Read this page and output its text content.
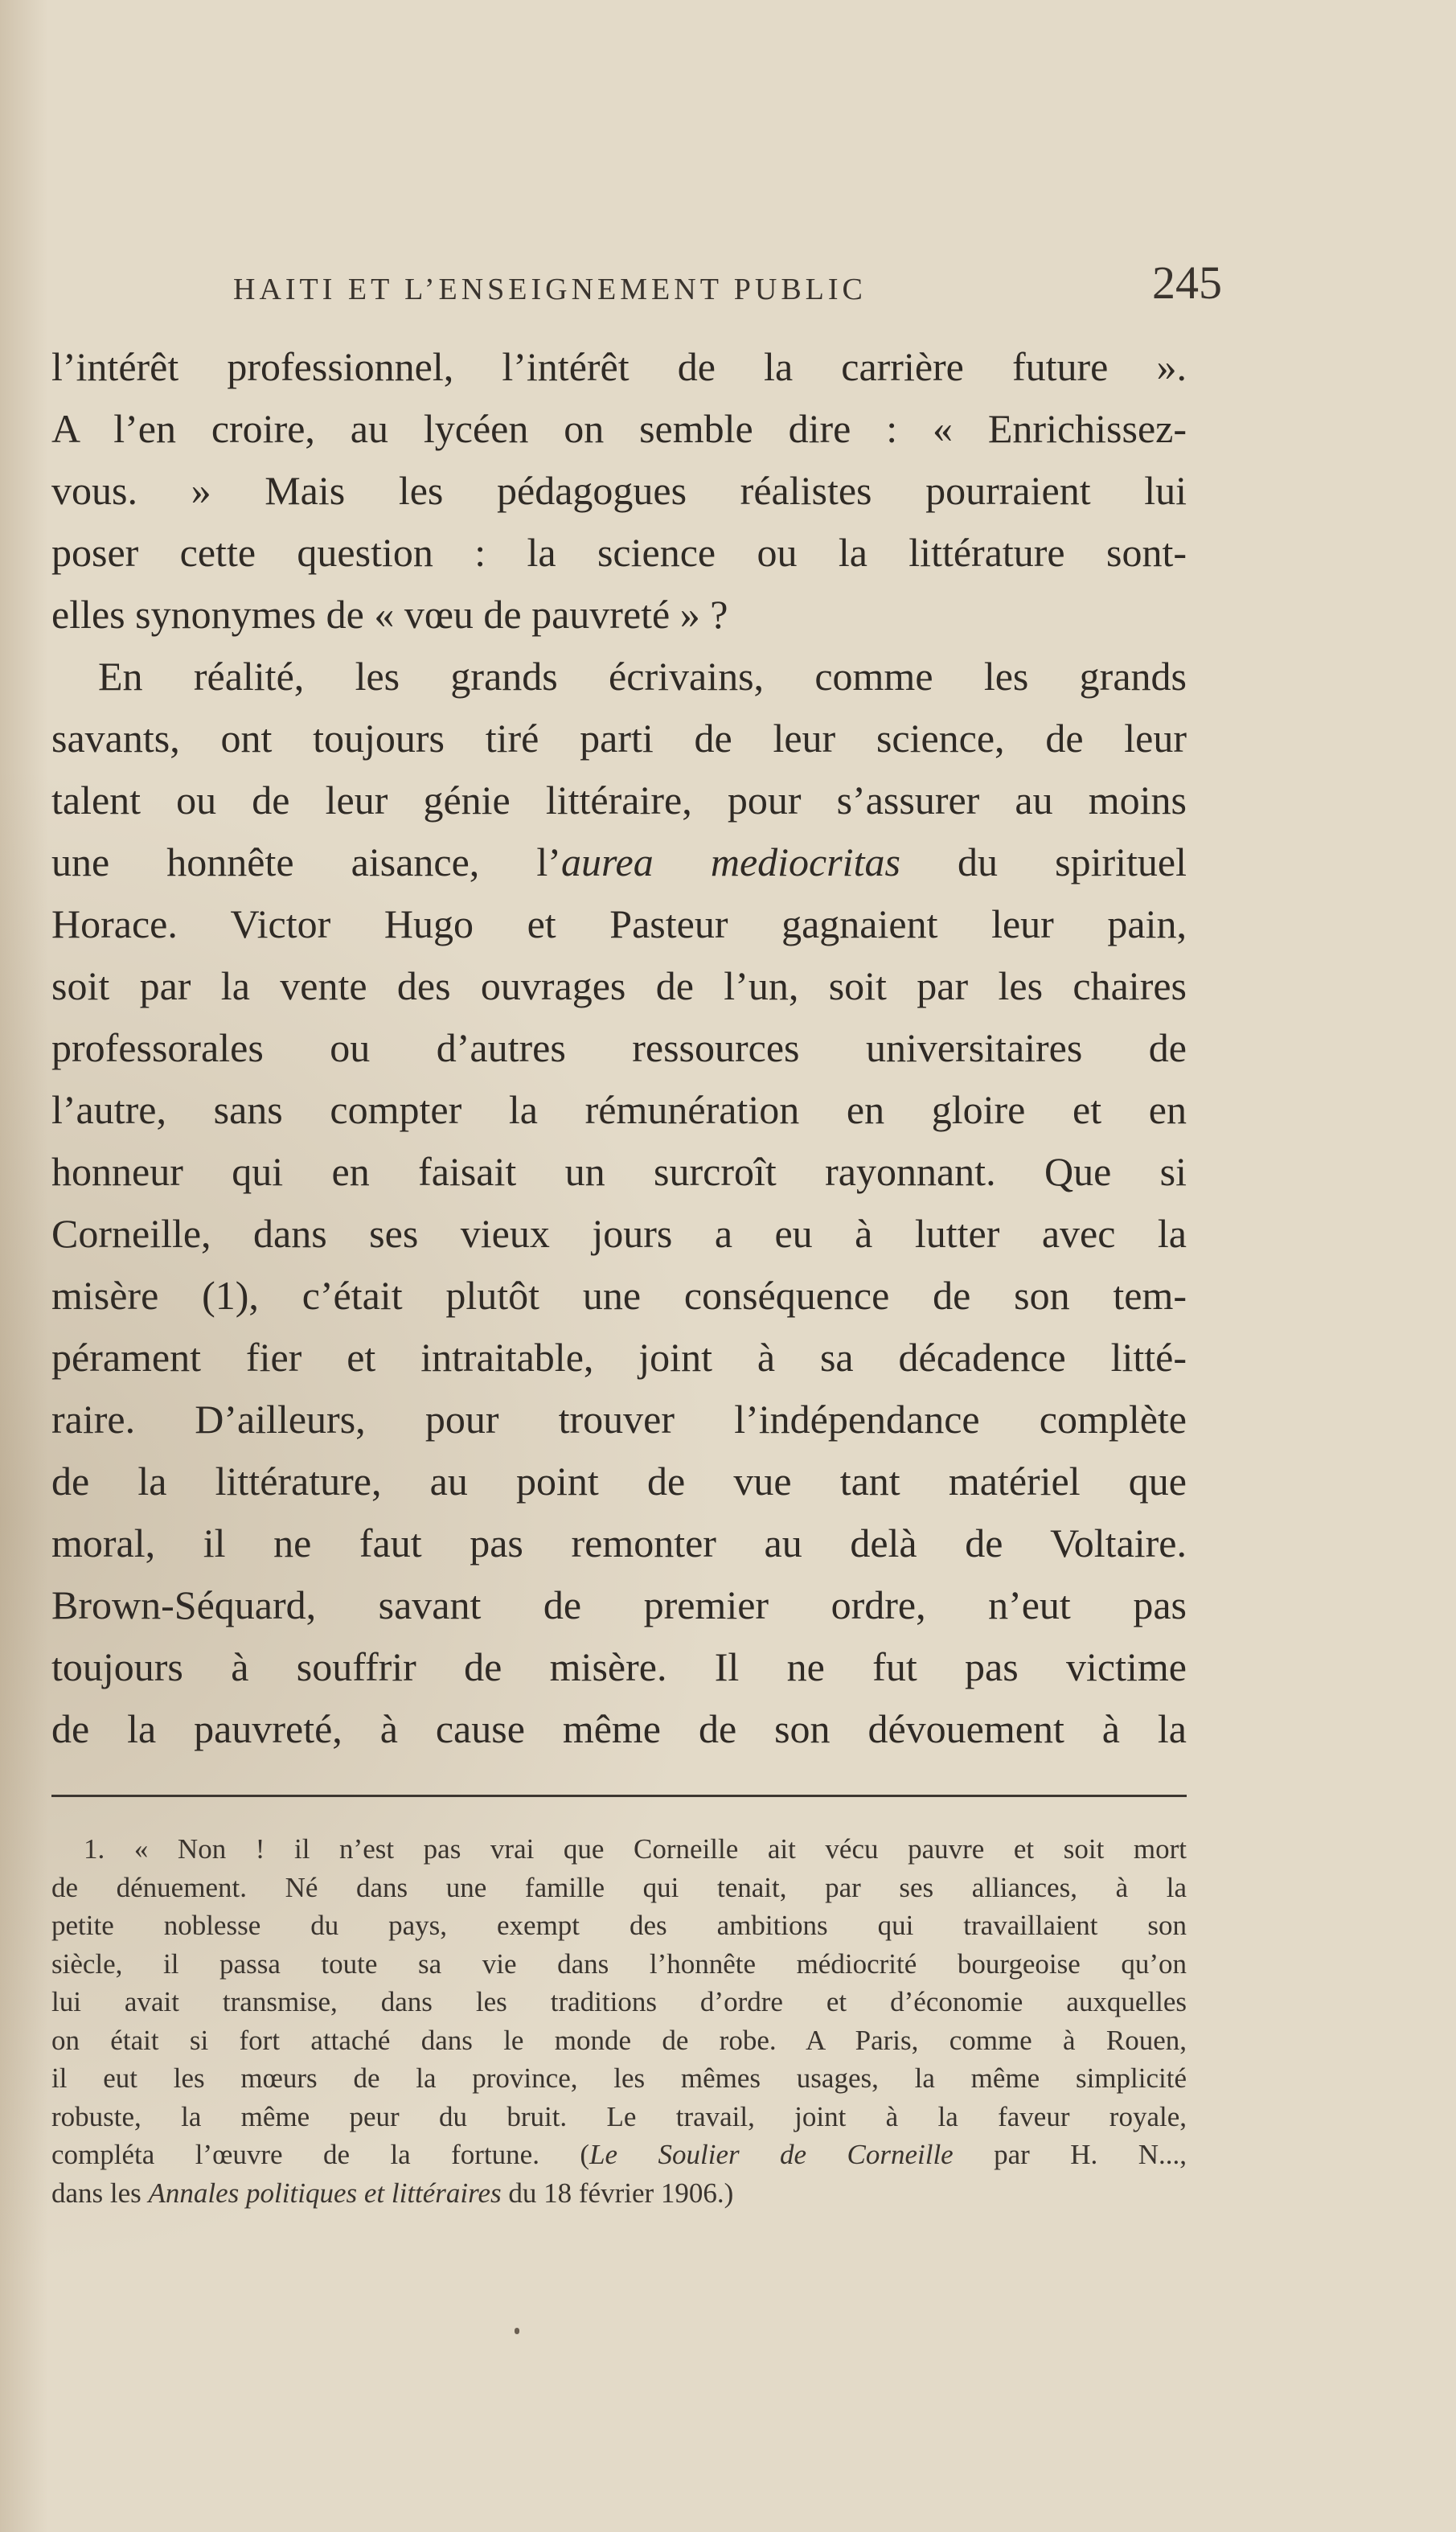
HAITI ET L’ENSEIGNEMENT PUBLIC	245
l’intérêt professionnel, l’intérêt de la carrière future ».
A l’en croire, au lycéen on semble dire : « Enrichissez-
vous. » Mais les pédagogues réalistes pourraient lui
poser cette question : la science ou la littérature sont-
elles synonymes de « vœu de pauvreté » ?
En réalité, les grands écrivains, comme les grands
savants, ont toujours tiré parti de leur science, de leur
talent ou de leur génie littéraire, pour s’assurer au moins
une honnête aisance, l’aurea mediocritas du spirituel
Horace. Victor Hugo et Pasteur gagnaient leur pain,
soit par la vente des ouvrages de l’un, soit par les chaires
professorales ou d’autres ressources universitaires de
l’autre, sans compter la rémunération en gloire et en
honneur qui en faisait un surcroît rayonnant. Que si
Corneille, dans ses vieux jours a eu à lutter avec la
misère (1), c’était plutôt une conséquence de son tem-
pérament fier et intraitable, joint à sa décadence litté-
raire. D’ailleurs, pour trouver l’indépendance complète
de la littérature, au point de vue tant matériel que
moral, il ne faut pas remonter au delà de Voltaire.
Brown-Séquard, savant de premier ordre, n’eut pas
toujours à souffrir de misère. Il ne fut pas victime
de la pauvreté, à cause même de son dévouement à la
1. « Non ! il n’est pas vrai que Corneille ait vécu pauvre et soit mort
de dénuement. Né dans une famille qui tenait, par ses alliances, à la
petite noblesse du pays, exempt des ambitions qui travaillaient son
siècle, il passa toute sa vie dans l’honnête médiocrité bourgeoise qu’on
lui avait transmise, dans les traditions d’ordre et d’économie auxquelles
on était si fort attaché dans le monde de robe. A Paris, comme à Rouen,
il eut les mœurs de la province, les mêmes usages, la même simplicité
robuste, la même peur du bruit. Le travail, joint à la faveur royale,
compléta l’œuvre de la fortune. (Le Soulier de Corneille par H. N...,
dans les Annales politiques et littéraires du 18 février 1906.)
